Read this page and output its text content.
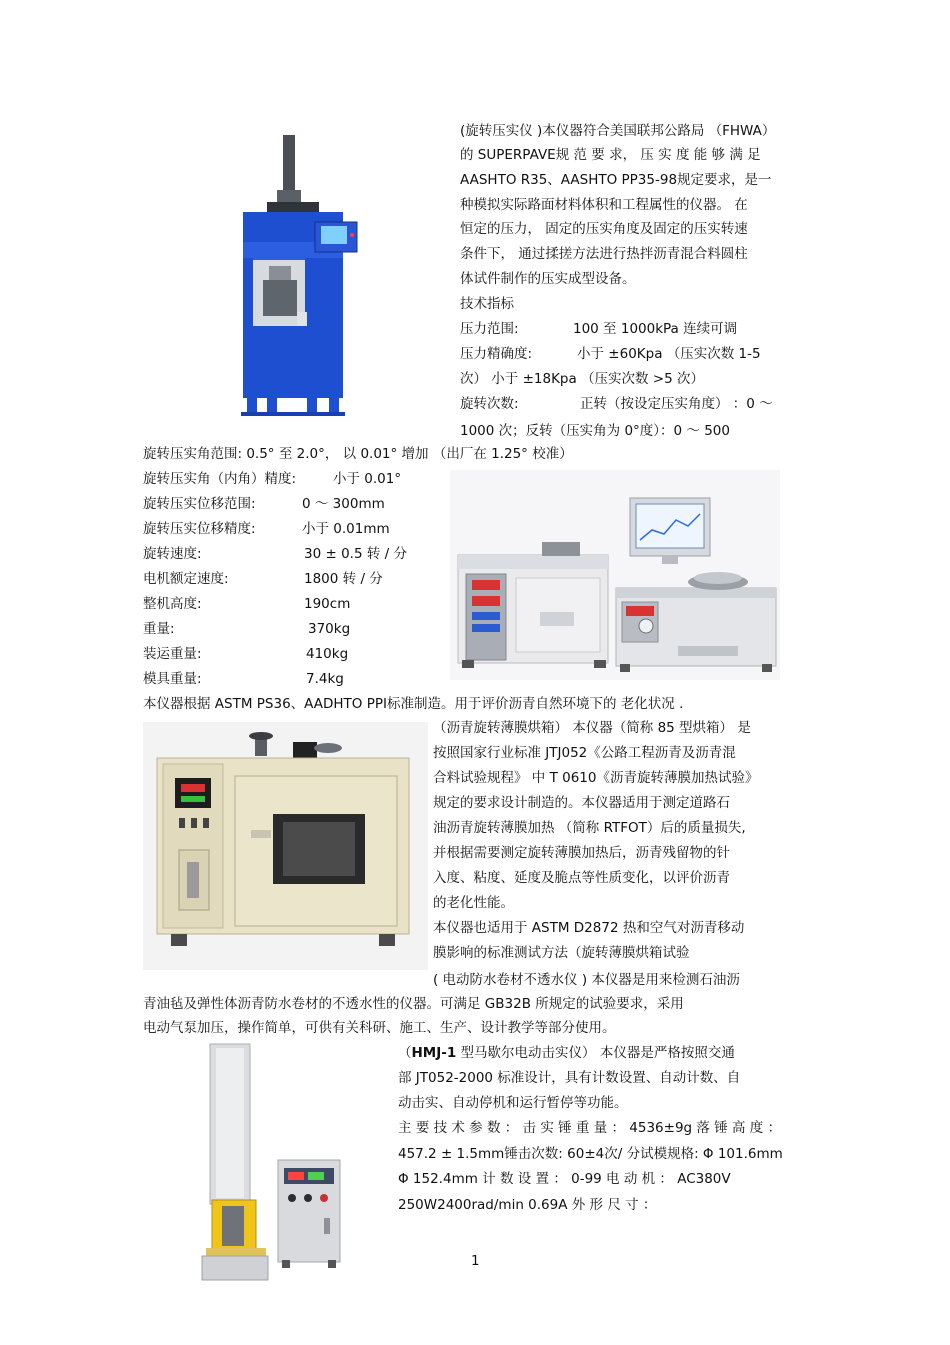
(旋转压实仪 )本仪器符合美国联邦公路局 （FHWA）
的 SUPERPAVE规 范 要 求， 压 实 度 能 够 满 足
AASHTO R35、AASHTO PP35-98规定要求，是一
种模拟实际路面材料体积和工程属性的仪器。 在
恒定的压力， 固定的压实角度及固定的压实转速
条件下， 通过揉搓方法进行热拌沥青混合料圆柱
体试件制作的压实成型设备。
技术指标
压力范围:	100 至 1000kPa 连续可调
压力精确度:	小于 ±60Kpa （压实次数 1-5
次） 小于 ±18Kpa （压实次数 >5 次）
旋转次数:	正转（按设定压实角度） ：0 ～
1000 次；反转（压实角为 0°度）：0 ～ 500
旋转压实角范围: 0.5° 至 2.0°， 以 0.01° 增加 （出厂在 1.25° 校准）
旋转压实角（内角）精度:	小于 0.01°
旋转压实位移范围:	0 ～ 300mm
旋转压实位移精度:	小于 0.01mm
旋转速度:	30 ± 0.5 转 / 分
电机额定速度:	1800 转 / 分
整机高度:	190cm
重量:	370kg
装运重量:	410kg
模具重量:	7.4kg
本仪器根据 ASTM PS36、AADHTO PPI标准制造。用于评价沥青自然环境下的 老化状况 .
（沥青旋转薄膜烘箱） 本仪器（简称 85 型烘箱） 是
按照国家行业标准 JTJ052《公路工程沥青及沥青混
合料试验规程》 中 T 0610《沥青旋转薄膜加热试验》
规定的要求设计制造的。本仪器适用于测定道路石
油沥青旋转薄膜加热 （简称 RTFOT）后的质量损失,
并根据需要测定旋转薄膜加热后，沥青残留物的针
入度、粘度、延度及脆点等性质变化，以评价沥青
的老化性能。
本仪器也适用于 ASTM D2872 热和空气对沥青移动
膜影响的标准测试方法（旋转薄膜烘箱试验
( 电动防水卷材不透水仪 ) 本仪器是用来检测石油沥
青油毡及弹性体沥青防水卷材的不透水性的仪器。可满足 GB32B 所规定的试验要求，采用
电动气泵加压，操作简单，可供有关科研、施工、生产、设计教学等部分使用。
（HMJ-1 型马歇尔电动击实仪） 本仪器是严格按照交通
部 JT052-2000 标准设计，具有计数设置、自动计数、自
动击实、自动停机和运行暂停等功能。
主 要 技 术 参 数 ： 击 实 锤 重 量 ： 4536±9g 落 锤 高 度 ：
457.2 ± 1.5mm锤击次数: 60±4次/ 分试模规格: Φ 101.6mm
Φ 152.4mm 计 数 设 置 ： 0-99 电 动 机 ： AC380V
250W2400rad/min 0.69A 外 形 尺 寸 ：
1
